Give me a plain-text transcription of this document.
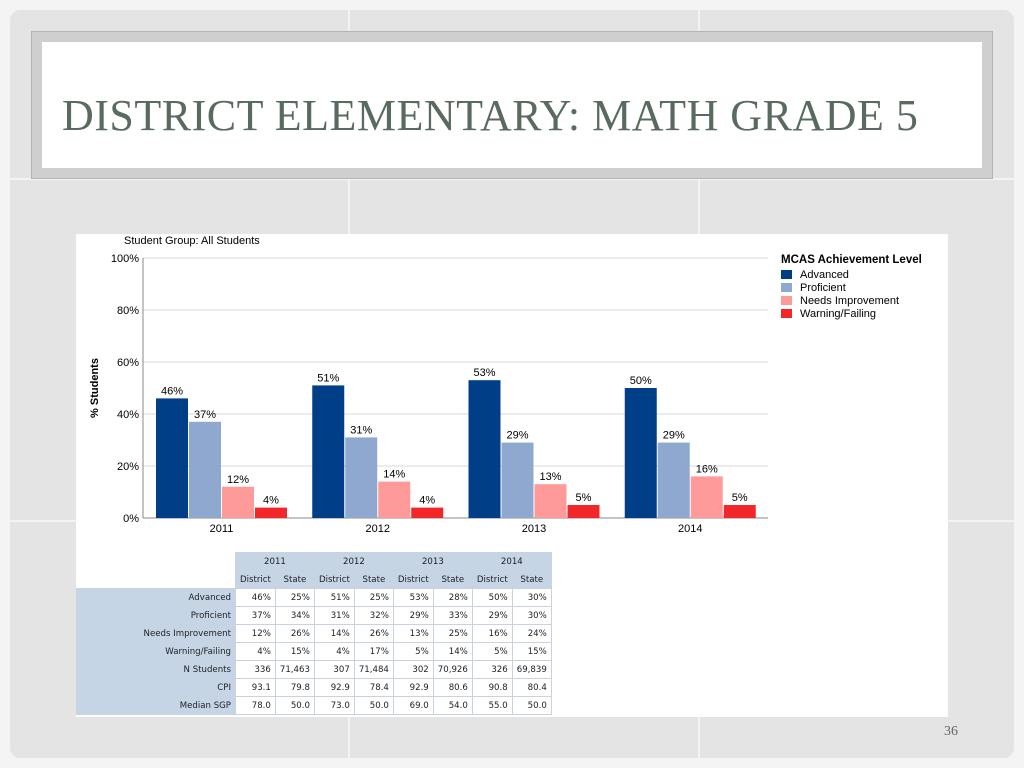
DISTRICT ELEMENTARY: MATH GRADE 5
0%
20%
40%
60%
80%
100%
Student Group: All Students
% Students	46%
37%
12%
4%
2011
51%
31%
14%
4%
2012
53%
29%
13%
5%
2013
50%
29%
16%
5%
2014
MCAS Achievement Level
Advanced
Proficient
Needs Improvement
Warning/Failing
	2011		2012		2013		2014	
	District	State	District	State	District	State	District	State
Advanced	46%	25%	51%	25%	53%	28%	50%	30%
Proficient	37%	34%	31%	32%	29%	33%	29%	30%
Needs Improvement	12%	26%	14%	26%	13%	25%	16%	24%
Warning/Failing	4%	15%	4%	17%	5%	14%	5%	15%
N Students	336	71,463	307	71,484	302	70,926	326	69,839
CPI	93.1	79.8	92.9	78.4	92.9	80.6	90.8	80.4
Median SGP	78.0	50.0	73.0	50.0	69.0	54.0	55.0	50.0
36
